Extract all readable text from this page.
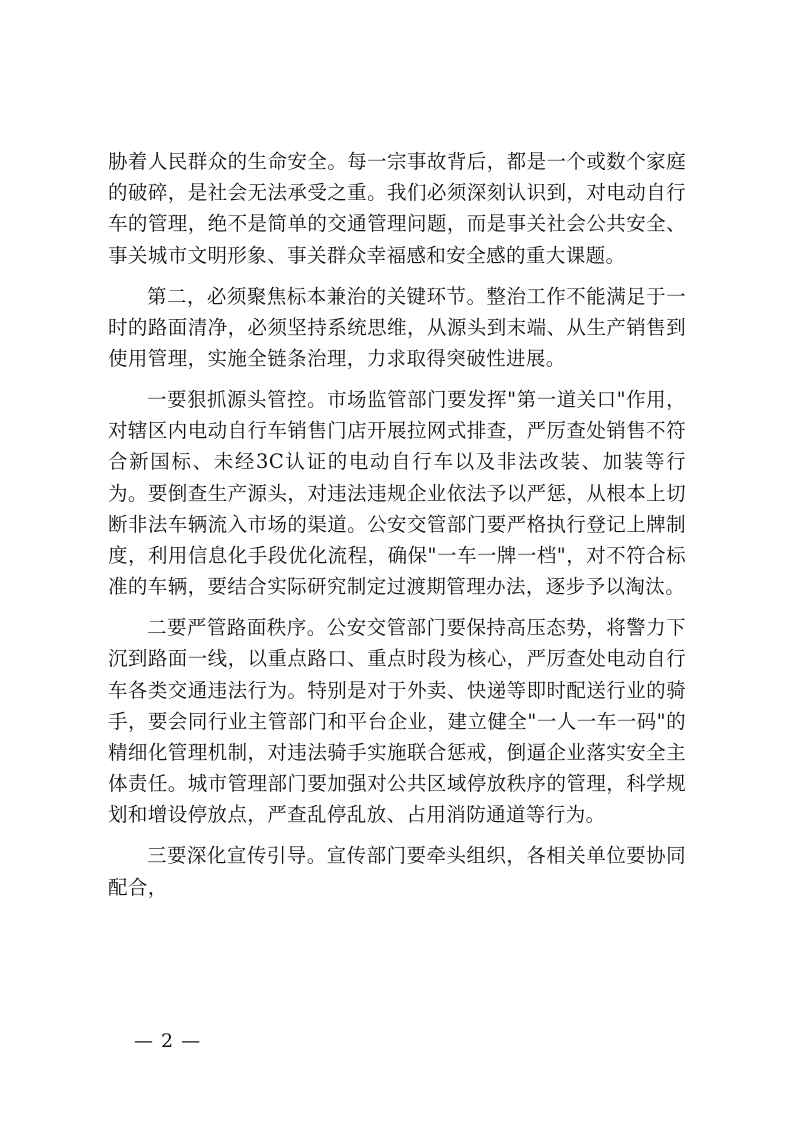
胁着人民群众的生命安全。每一宗事故背后，都是一个或数个家庭的破碎，是社会无法承受之重。我们必须深刻认识到，对电动自行车的管理，绝不是简单的交通管理问题，而是事关社会公共安全、事关城市文明形象、事关群众幸福感和安全感的重大课题。

第二，必须聚焦标本兼治的关键环节。整治工作不能满足于一时的路面清净，必须坚持系统思维，从源头到末端、从生产销售到使用管理，实施全链条治理，力求取得突破性进展。

一要狠抓源头管控。市场监管部门要发挥"第一道关口"作用，对辖区内电动自行车销售门店开展拉网式排查，严厉查处销售不符合新国标、未经3C认证的电动自行车以及非法改装、加装等行为。要倒查生产源头，对违法违规企业依法予以严惩，从根本上切断非法车辆流入市场的渠道。公安交管部门要严格执行登记上牌制度，利用信息化手段优化流程，确保"一车一牌一档"，对不符合标准的车辆，要结合实际研究制定过渡期管理办法，逐步予以淘汰。

二要严管路面秩序。公安交管部门要保持高压态势，将警力下沉到路面一线，以重点路口、重点时段为核心，严厉查处电动自行车各类交通违法行为。特别是对于外卖、快递等即时配送行业的骑手，要会同行业主管部门和平台企业，建立健全"一人一车一码"的精细化管理机制，对违法骑手实施联合惩戒，倒逼企业落实安全主体责任。城市管理部门要加强对公共区域停放秩序的管理，科学规划和增设停放点，严查乱停乱放、占用消防通道等行为。

三要深化宣传引导。宣传部门要牵头组织，各相关单位要协同配合，

— 2 —
